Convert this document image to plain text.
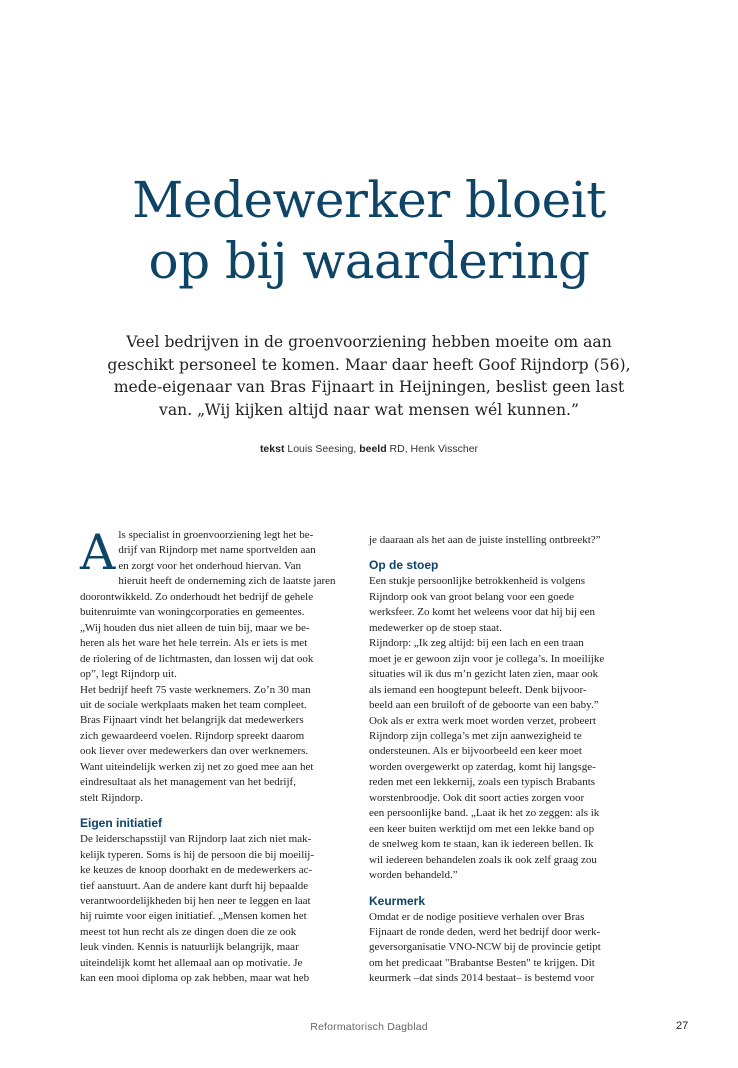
Medewerker bloeit
op bij waardering

Veel bedrijven in de groenvoorziening hebben moeite om aan
geschikt personeel te komen. Maar daar heeft Goof Rijndorp (56),
mede-eigenaar van Bras Fijnaart in Heijningen, beslist geen last
van. „Wij kijken altijd naar wat mensen wél kunnen.”

tekst Louis Seesing, beeld RD, Henk Visscher

A ls specialist in groenvoorziening legt het be-
drijf van Rijndorp met name sportvelden aan
en zorgt voor het onderhoud hiervan. Van
hieruit heeft de onderneming zich de laatste jaren
doorontwikkeld. Zo onderhoudt het bedrijf de gehele
buitenruimte van woningcorporaties en gemeentes.
„Wij houden dus niet alleen de tuin bij, maar we be-
heren als het ware het hele terrein. Als er iets is met
de riolering of de lichtmasten, dan lossen wij dat ook
op”, legt Rijndorp uit.

Het bedrijf heeft 75 vaste werknemers. Zo’n 30 man
uit de sociale werkplaats maken het team compleet.
Bras Fijnaart vindt het belangrijk dat medewerkers
zich gewaardeerd voelen. Rijndorp spreekt daarom
ook liever over medewerkers dan over werknemers.
Want uiteindelijk werken zij net zo goed mee aan het
eindresultaat als het management van het bedrijf,
stelt Rijndorp.

Eigen initiatief

De leiderschapsstijl van Rijndorp laat zich niet mak-
kelijk typeren. Soms is hij de persoon die bij moeilij-
ke keuzes de knoop doorhakt en de medewerkers ac-
tief aanstuurt. Aan de andere kant durft hij bepaalde
verantwoordelijkheden bij hen neer te leggen en laat
hij ruimte voor eigen initiatief. „Mensen komen het
meest tot hun recht als ze dingen doen die ze ook
leuk vinden. Kennis is natuurlijk belangrijk, maar
uiteindelijk komt het allemaal aan op motivatie. Je
kan een mooi diploma op zak hebben, maar wat heb

je daaraan als het aan de juiste instelling ontbreekt?”

Op de stoep

Een stukje persoonlijke betrokkenheid is volgens
Rijndorp ook van groot belang voor een goede
werksfeer. Zo komt het weleens voor dat hij bij een
medewerker op de stoep staat.

Rijndorp: „Ik zeg altijd: bij een lach en een traan
moet je er gewoon zijn voor je collega’s. In moeilijke
situaties wil ik dus m’n gezicht laten zien, maar ook
als iemand een hoogtepunt beleeft. Denk bijvoor-
beeld aan een bruiloft of de geboorte van een baby.”

Ook als er extra werk moet worden verzet, probeert
Rijndorp zijn collega’s met zijn aanwezigheid te
ondersteunen. Als er bijvoorbeeld een keer moet
worden overgewerkt op zaterdag, komt hij langsge-
reden met een lekkernij, zoals een typisch Brabants
worstenbroodje. Ook dit soort acties zorgen voor
een persoonlijke band. „Laat ik het zo zeggen: als ik
een keer buiten werktijd om met een lekke band op
de snelweg kom te staan, kan ik iedereen bellen. Ik
wil iedereen behandelen zoals ik ook zelf graag zou
worden behandeld.”

Keurmerk

Omdat er de nodige positieve verhalen over Bras
Fijnaart de ronde deden, werd het bedrijf door werk-
geversorganisatie VNO-NCW bij de provincie getipt
om het predicaat "Brabantse Besten" te krijgen. Dit
keurmerk –dat sinds 2014 bestaat– is bestemd voor

Reformatorisch Dagblad	27
